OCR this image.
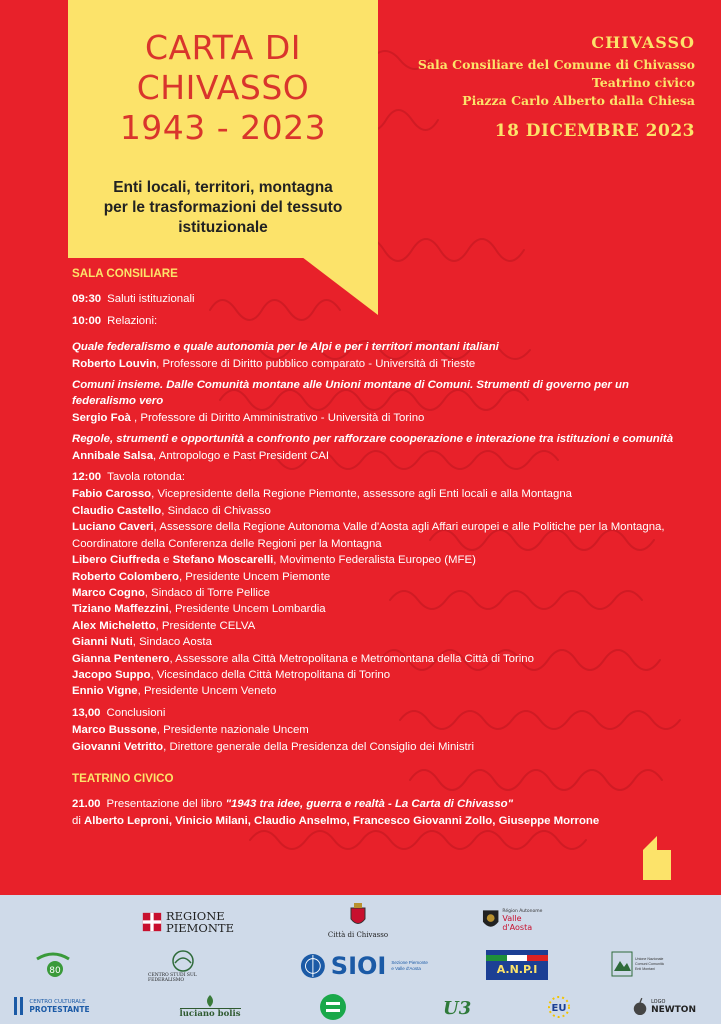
CARTA DI
CHIVASSO
1943 - 2023
Enti locali, territori, montagna
per le trasformazioni del tessuto
istituzionale
CHIVASSO
Sala Consiliare del Comune di Chivasso
Teatrino civico
Piazza Carlo Alberto dalla Chiesa
18 DICEMBRE 2023
SALA CONSILIARE
09:30 Saluti istituzionali
10:00 Relazioni:
Quale federalismo e quale autonomia per le Alpi e per i territori montani italiani
Roberto Louvin, Professore di Diritto pubblico comparato - Università di Trieste
Comuni insieme. Dalle Comunità montane alle Unioni montane di Comuni. Strumenti di governo per un federalismo vero
Sergio Foà , Professore di Diritto Amministrativo - Università di Torino
Regole, strumenti e opportunità a confronto per rafforzare cooperazione e interazione tra istituzioni e comunità
Annibale Salsa, Antropologo e Past President CAI
12:00 Tavola rotonda:
Fabio Carosso, Vicepresidente della Regione Piemonte, assessore agli Enti locali e alla Montagna
Claudio Castello, Sindaco di Chivasso
Luciano Caveri, Assessore della Regione Autonoma Valle d'Aosta agli Affari europei e alle Politiche per la Montagna, Coordinatore della Conferenza delle Regioni per la Montagna
Libero Ciuffreda e Stefano Moscarelli, Movimento Federalista Europeo (MFE)
Roberto Colombero, Presidente Uncem Piemonte
Marco Cogno, Sindaco di Torre Pellice
Tiziano Maffezzini, Presidente Uncem Lombardia
Alex Micheletto, Presidente CELVA
Gianni Nuti, Sindaco Aosta
Gianna Pentenero, Assessore alla Città Metropolitana e Metromontana della Città di Torino
Jacopo Suppo, Vicesindaco della Città Metropolitana di Torino
Ennio Vigne, Presidente Uncem Veneto
13,00 Conclusioni
Marco Bussone, Presidente nazionale Uncem
Giovanni Vetritto, Direttore generale della Presidenza del Consiglio dei Ministri
TEATRINO CIVICO
21.00 Presentazione del libro "1943 tra idee, guerra e realtà - La Carta di Chivasso"
di Alberto Leproni, Vinicio Milani, Claudio Anselmo, Francesco Giovanni Zollo, Giuseppe Morrone
REGIONE
PIEMONTE	Città di Chivasso
Région Autonome
Valle d'Aosta
80	CENTRO STUDI SUL FEDERALISMO	SIOI Sezione Piemonte e Valle d'Aosta	A.N.P.I
Unione Nazionale Comuni Comunità Enti Montani
CENTRO CULTURALE
PROTESTANTE	luciano bolis	U3	EU
LOGO
NEWTON
